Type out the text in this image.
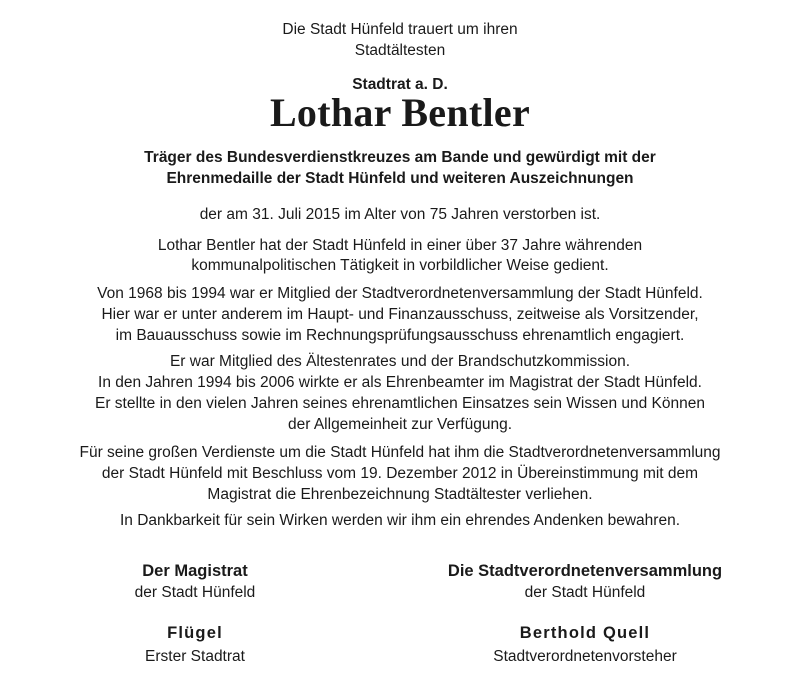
Die Stadt Hünfeld trauert um ihren
Stadtältesten
Stadtrat a. D.
Lothar Bentler
Träger des Bundesverdienstkreuzes am Bande und gewürdigt mit der
Ehrenmedaille der Stadt Hünfeld und weiteren Auszeichnungen
der am 31. Juli 2015 im Alter von 75 Jahren verstorben ist.
Lothar Bentler hat der Stadt Hünfeld in einer über 37 Jahre währenden
kommunalpolitischen Tätigkeit in vorbildlicher Weise gedient.
Von 1968 bis 1994 war er Mitglied der Stadtverordnetenversammlung der Stadt Hünfeld.
Hier war er unter anderem im Haupt- und Finanzausschuss, zeitweise als Vorsitzender,
im Bauausschuss sowie im Rechnungsprüfungsausschuss ehrenamtlich engagiert.
Er war Mitglied des Ältestenrates und der Brandschutzkommission.
In den Jahren 1994 bis 2006 wirkte er als Ehrenbeamter im Magistrat der Stadt Hünfeld.
Er stellte in den vielen Jahren seines ehrenamtlichen Einsatzes sein Wissen und Können
der Allgemeinheit zur Verfügung.
Für seine großen Verdienste um die Stadt Hünfeld hat ihm die Stadtverordnetenversammlung
der Stadt Hünfeld mit Beschluss vom 19. Dezember 2012 in Übereinstimmung mit dem
Magistrat die Ehrenbezeichnung Stadtältester verliehen.
In Dankbarkeit für sein Wirken werden wir ihm ein ehrendes Andenken bewahren.
Der Magistrat
der Stadt Hünfeld
Flügel
Erster Stadtrat
Die Stadtverordnetenversammlung
der Stadt Hünfeld
Berthold Quell
Stadtverordnetenvorsteher
